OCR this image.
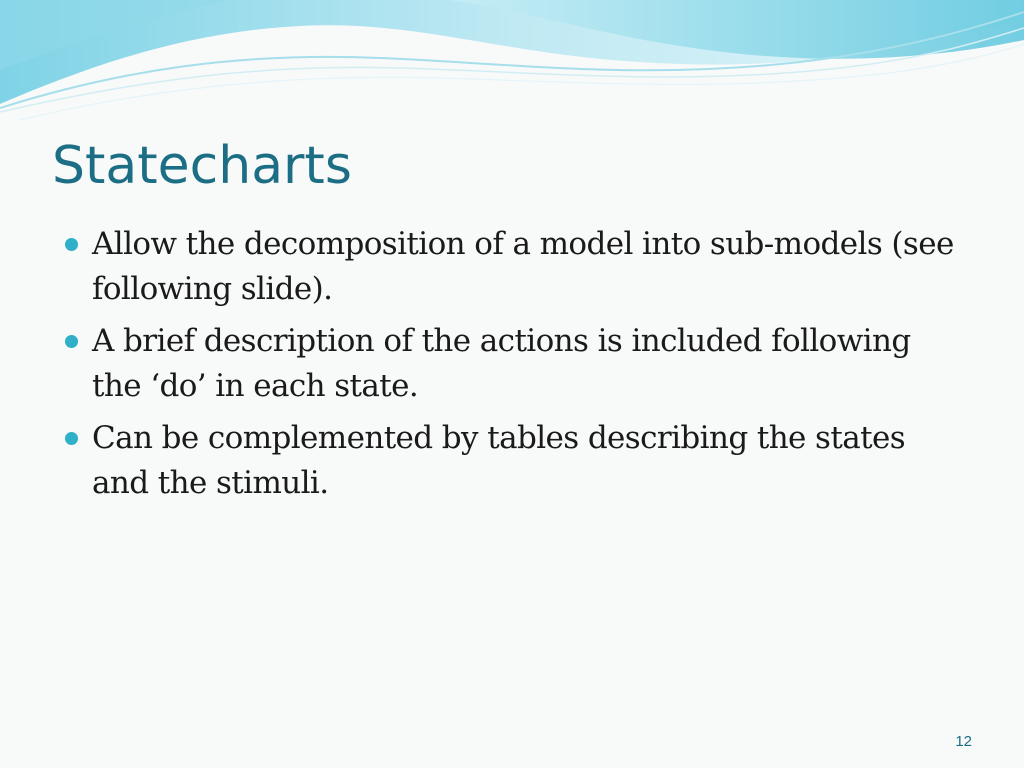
Statecharts
Allow the decomposition of a model into sub-models (see following slide).
A brief description of the actions is included following the ‘do’ in each state.
Can be complemented by tables describing the states and the stimuli.
12
